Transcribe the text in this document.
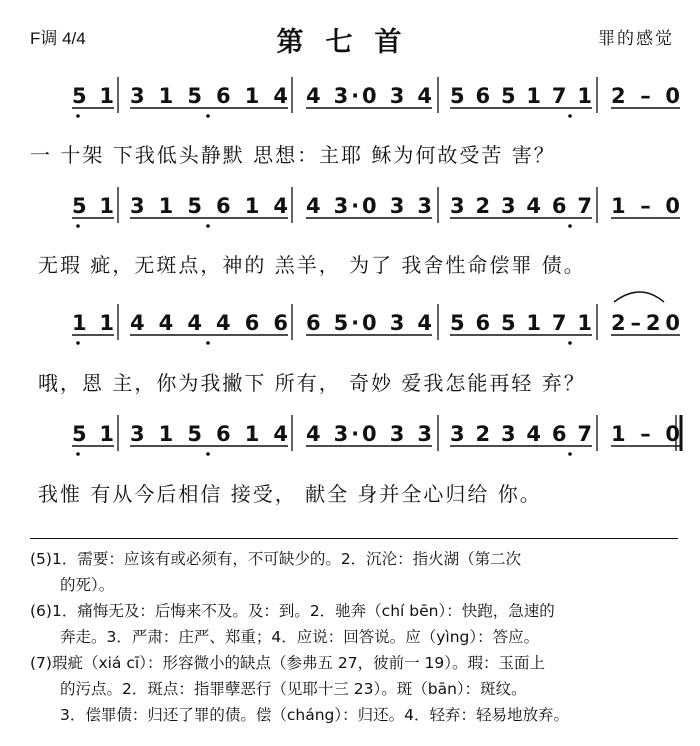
F调 4/4	第七首	罪的感觉
5 1 3 1 5 6 1 4 4 3·0 3 4 5 6 5 1 7 1 2 – 0
5 1 3 1 5 6 1 4 4 3·0 3 3 3 2 3 4 6 7 1 – 0
1 1 4 4 4 4 6 6 6 5·0 3 4 5 6 5 1 7 1 2 – 2 0
5 1 3 1 5 6 1 4 4 3·0 3 3 3 2 3 4 6 7 1 – 0
一 十架 下我低头静默 思想：主耶 稣为何故受苦 害？
无瑕 疵，无斑点，神的 羔羊， 为了 我舍性命偿罪 债。
哦，恩 主，你为我撇下 所有， 奇妙 爱我怎能再轻 弃？
我惟 有从今后相信 接受， 献全 身并全心归给 你。

(5)1．需要：应该有或必须有，不可缺少的。2．沉沦：指火湖（第二次

的死）。

(6)1．痛悔无及：后悔来不及。及：到。2．驰奔（chí bēn）：快跑，急速的

奔走。3．严肃：庄严、郑重；4．应说：回答说。应（yìng）：答应。

(7)瑕疵（xiá cī）：形容微小的缺点（参弗五 27，彼前一 19）。瑕：玉面上

的污点。2．斑点：指罪孽恶行（见耶十三 23）。斑（bān）：斑纹。

3．偿罪债：归还了罪的债。偿（cháng）：归还。4．轻弃：轻易地放弃。
